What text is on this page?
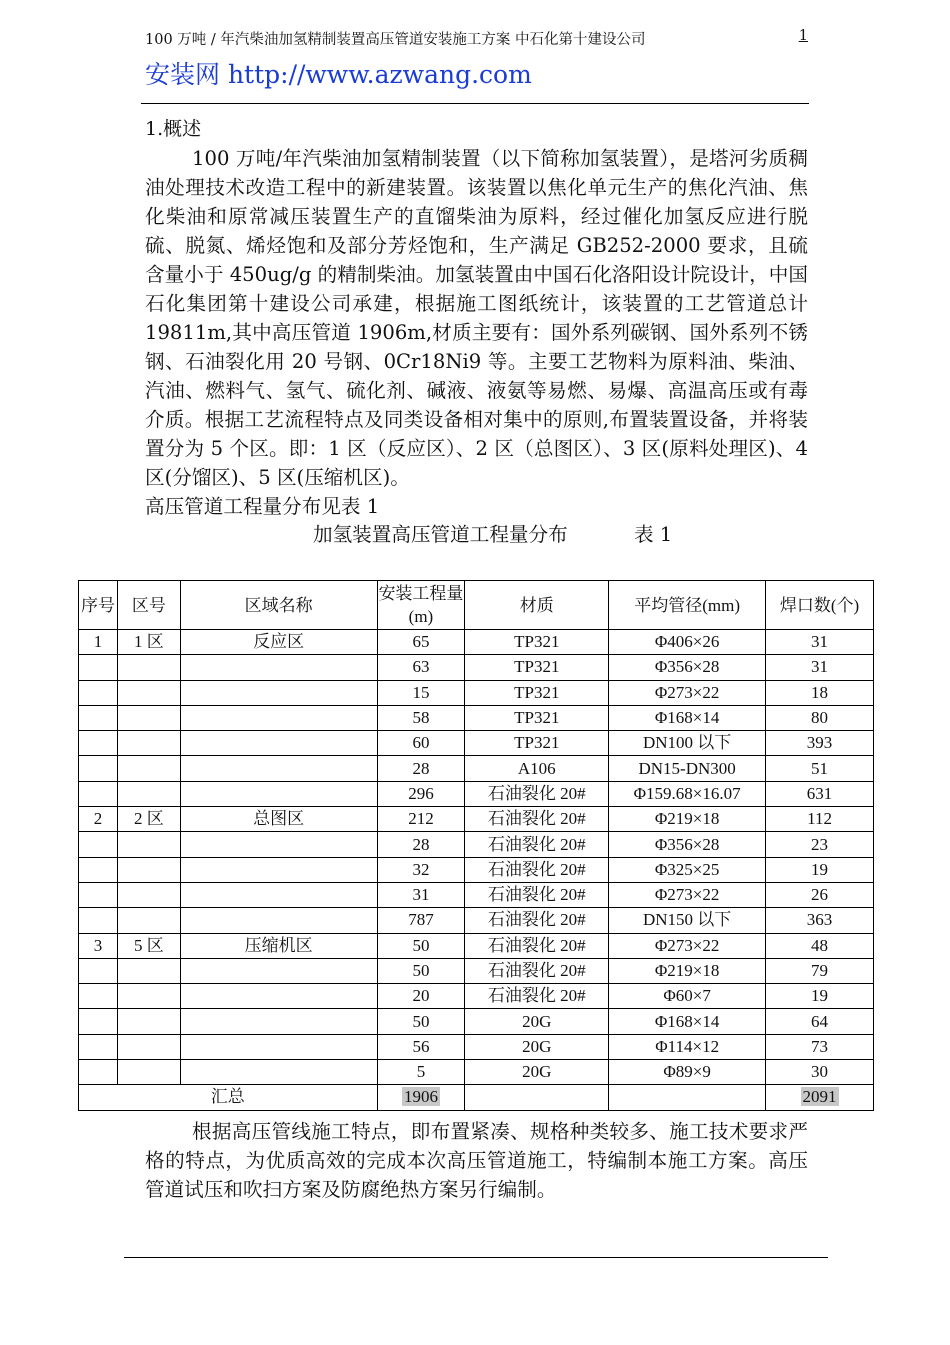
100 万吨 / 年汽柴油加氢精制装置高压管道安装施工方案 中石化第十建设公司	1
安装网 http://www.azwang.com
1.概述

100 万吨/年汽柴油加氢精制装置（以下简称加氢装置），是塔河劣质稠油处理技术改造工程中的新建装置。该装置以焦化单元生产的焦化汽油、焦化柴油和原常减压装置生产的直馏柴油为原料，经过催化加氢反应进行脱硫、脱氮、烯烃饱和及部分芳烃饱和，生产满足 GB252-2000 要求，且硫含量小于 450ug/g 的精制柴油。加氢装置由中国石化洛阳设计院设计，中国石化集团第十建设公司承建，根据施工图纸统计，该装置的工艺管道总计 19811m,其中高压管道 1906m,材质主要有：国外系列碳钢、国外系列不锈钢、石油裂化用 20 号钢、0Cr18Ni9 等。主要工艺物料为原料油、柴油、汽油、燃料气、氢气、硫化剂、碱液、液氨等易燃、易爆、高温高压或有毒介质。根据工艺流程特点及同类设备相对集中的原则,布置装置设备，并将装置分为 5 个区。即：1 区（反应区）、2 区（总图区）、3 区(原料处理区)、4 区(分馏区)、5 区(压缩机区)。

高压管道工程量分布见表 1

加氢装置高压管道工程量分布	表 1
序号	区号	区域名称	安装工程量(m)	材质	平均管径(mm)	焊口数(个)
1	1 区	反应区	65	TP321	Φ406×26	31
			63	TP321	Φ356×28	31
			15	TP321	Φ273×22	18
			58	TP321	Φ168×14	80
			60	TP321	DN100 以下	393
			28	A106	DN15-DN300	51
			296	石油裂化 20#	Φ159.68×16.07	631
2	2 区	总图区	212	石油裂化 20#	Φ219×18	112
			28	石油裂化 20#	Φ356×28	23
			32	石油裂化 20#	Φ325×25	19
			31	石油裂化 20#	Φ273×22	26
			787	石油裂化 20#	DN150 以下	363
3	5 区	压缩机区	50	石油裂化 20#	Φ273×22	48
			50	石油裂化 20#	Φ219×18	79
			20	石油裂化 20#	Φ60×7	19
			50	20G	Φ168×14	64
			56	20G	Φ114×12	73
			5	20G	Φ89×9	30
汇总			1906			2091

根据高压管线施工特点，即布置紧凑、规格种类较多、施工技术要求严格的特点，为优质高效的完成本次高压管道施工，特编制本施工方案。高压管道试压和吹扫方案及防腐绝热方案另行编制。
